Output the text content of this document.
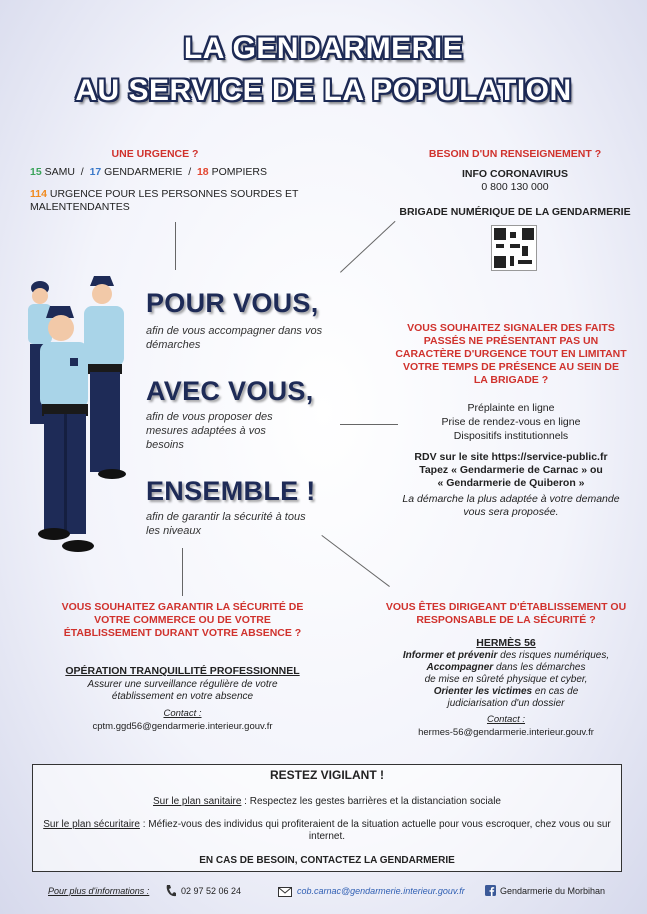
LA GENDARMERIE
AU SERVICE DE LA POPULATION
UNE URGENCE ?
15 SAMU / 17 GENDARMERIE / 18 POMPIERS
114 URGENCE POUR LES PERSONNES SOURDES ET MALENTENDANTES
BESOIN D'UN RENSEIGNEMENT ?
INFO CORONAVIRUS
0 800 130 000
BRIGADE NUMÉRIQUE DE LA GENDARMERIE
POUR VOUS,
afin de vous accompagner dans vos démarches
AVEC VOUS,
afin de vous proposer des mesures adaptées à vos besoins
ENSEMBLE !
afin de garantir la sécurité à tous les niveaux
VOUS SOUHAITEZ SIGNALER DES FAITS PASSÉS NE PRÉSENTANT PAS UN CARACTÈRE D'URGENCE TOUT EN LIMITANT VOTRE TEMPS DE PRÉSENCE AU SEIN DE LA BRIGADE ?
Préplainte en ligne
Prise de rendez-vous en ligne
Dispositifs institutionnels
RDV sur le site https://service-public.fr
Tapez « Gendarmerie de Carnac » ou
« Gendarmerie de Quiberon »
La démarche la plus adaptée à votre demande vous sera proposée.
VOUS SOUHAITEZ GARANTIR LA SÉCURITÉ DE VOTRE COMMERCE OU DE VOTRE ÉTABLISSEMENT DURANT VOTRE ABSENCE ?
OPÉRATION TRANQUILLITÉ PROFESSIONNEL
Assurer une surveillance régulière de votre établissement en votre absence
Contact :
cptm.ggd56@gendarmerie.interieur.gouv.fr
VOUS ÊTES DIRIGEANT D'ÉTABLISSEMENT OU RESPONSABLE DE LA SÉCURITÉ ?
HERMÈS 56
Informer et prévenir des risques numériques,
Accompagner dans les démarches
de mise en sûreté physique et cyber,
Orienter les victimes en cas de
judiciarisation d'un dossier
Contact :
hermes-56@gendarmerie.interieur.gouv.fr
RESTEZ VIGILANT !
Sur le plan sanitaire : Respectez les gestes barrières et la distanciation sociale
Sur le plan sécuritaire : Méfiez-vous des individus qui profiteraient de la situation actuelle pour vous escroquer, chez vous ou sur internet.
EN CAS DE BESOIN, CONTACTEZ LA GENDARMERIE
Pour plus d'informations :	02 97 52 06 24	cob.carnac@gendarmerie.interieur.gouv.fr	Gendarmerie du Morbihan
